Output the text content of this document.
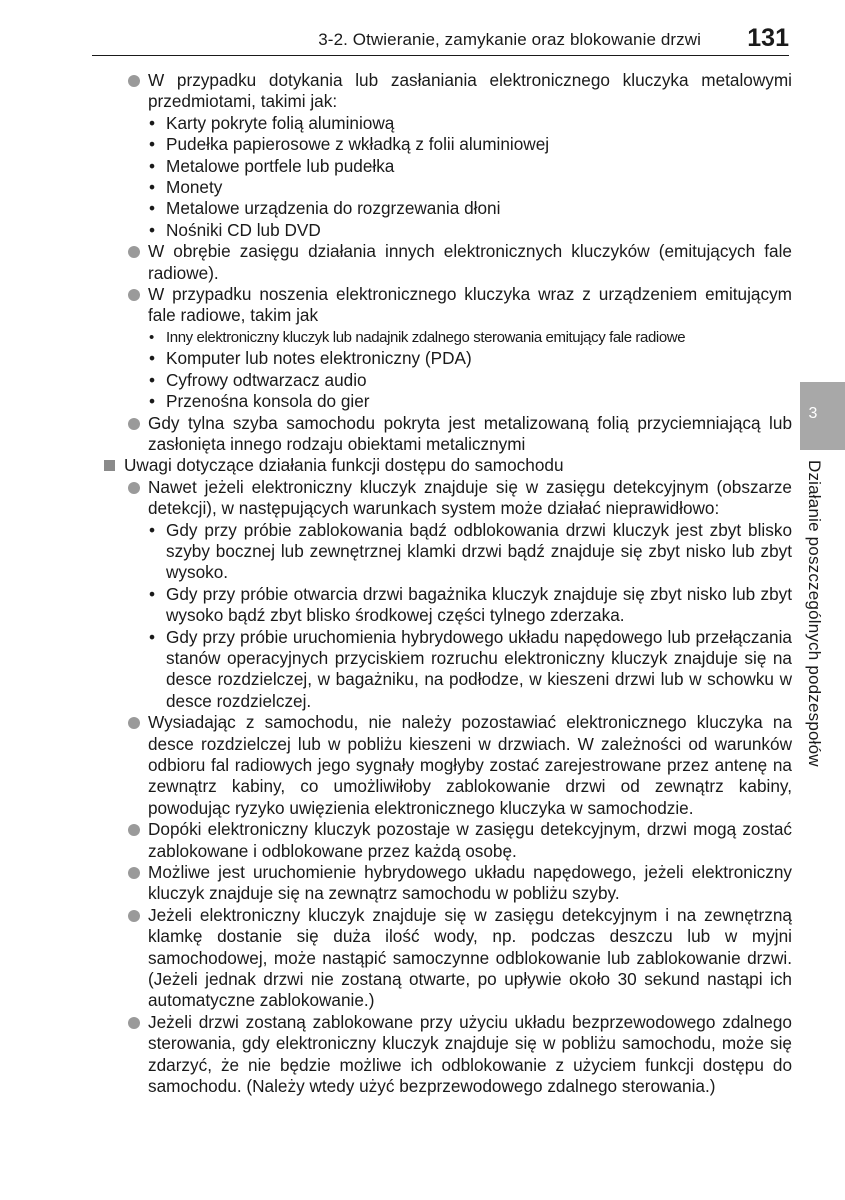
3-2. Otwieranie, zamykanie oraz blokowanie drzwi 131
W przypadku dotykania lub zasłaniania elektronicznego kluczyka metalowymi przedmiotami, takimi jak:
• Karty pokryte folią aluminiową
• Pudełka papierosowe z wkładką z folii aluminiowej
• Metalowe portfele lub pudełka
• Monety
• Metalowe urządzenia do rozgrzewania dłoni
• Nośniki CD lub DVD
W obrębie zasięgu działania innych elektronicznych kluczyków (emitujących fale radiowe).
W przypadku noszenia elektronicznego kluczyka wraz z urządzeniem emitującym fale radiowe, takim jak
• Inny elektroniczny kluczyk lub nadajnik zdalnego sterowania emitujący fale radiowe
• Komputer lub notes elektroniczny (PDA)
• Cyfrowy odtwarzacz audio
• Przenośna konsola do gier
Gdy tylna szyba samochodu pokryta jest metalizowaną folią przyciemniającą lub zasłonięta innego rodzaju obiektami metalicznymi
Uwagi dotyczące działania funkcji dostępu do samochodu
Nawet jeżeli elektroniczny kluczyk znajduje się w zasięgu detekcyjnym (obszarze detekcji), w następujących warunkach system może działać nieprawidłowo:
• Gdy przy próbie zablokowania bądź odblokowania drzwi kluczyk jest zbyt blisko szyby bocznej lub zewnętrznej klamki drzwi bądź znajduje się zbyt nisko lub zbyt wysoko.
• Gdy przy próbie otwarcia drzwi bagażnika kluczyk znajduje się zbyt nisko lub zbyt wysoko bądź zbyt blisko środkowej części tylnego zderzaka.
• Gdy przy próbie uruchomienia hybrydowego układu napędowego lub przełączania stanów operacyjnych przyciskiem rozruchu elektroniczny kluczyk znajduje się na desce rozdzielczej, w bagażniku, na podłodze, w kieszeni drzwi lub w schowku w desce rozdzielczej.
Wysiadając z samochodu, nie należy pozostawiać elektronicznego kluczyka na desce rozdzielczej lub w pobliżu kieszeni w drzwiach. W zależności od warunków odbioru fal radiowych jego sygnały mogłyby zostać zarejestrowane przez antenę na zewnątrz kabiny, co umożliwiłoby zablokowanie drzwi od zewnątrz kabiny, powodując ryzyko uwięzienia elektronicznego kluczyka w samochodzie.
Dopóki elektroniczny kluczyk pozostaje w zasięgu detekcyjnym, drzwi mogą zostać zablokowane i odblokowane przez każdą osobę.
Możliwe jest uruchomienie hybrydowego układu napędowego, jeżeli elektroniczny kluczyk znajduje się na zewnątrz samochodu w pobliżu szyby.
Jeżeli elektroniczny kluczyk znajduje się w zasięgu detekcyjnym i na zewnętrzną klamkę dostanie się duża ilość wody, np. podczas deszczu lub w myjni samochodowej, może nastąpić samoczynne odblokowanie lub zablokowanie drzwi. (Jeżeli jednak drzwi nie zostaną otwarte, po upływie około 30 sekund nastąpi ich automatyczne zablokowanie.)
Jeżeli drzwi zostaną zablokowane przy użyciu układu bezprzewodowego zdalnego sterowania, gdy elektroniczny kluczyk znajduje się w pobliżu samochodu, może się zdarzyć, że nie będzie możliwe ich odblokowanie z użyciem funkcji dostępu do samochodu. (Należy wtedy użyć bezprzewodowego zdalnego sterowania.)
3
Działanie poszczególnych podzespołów
